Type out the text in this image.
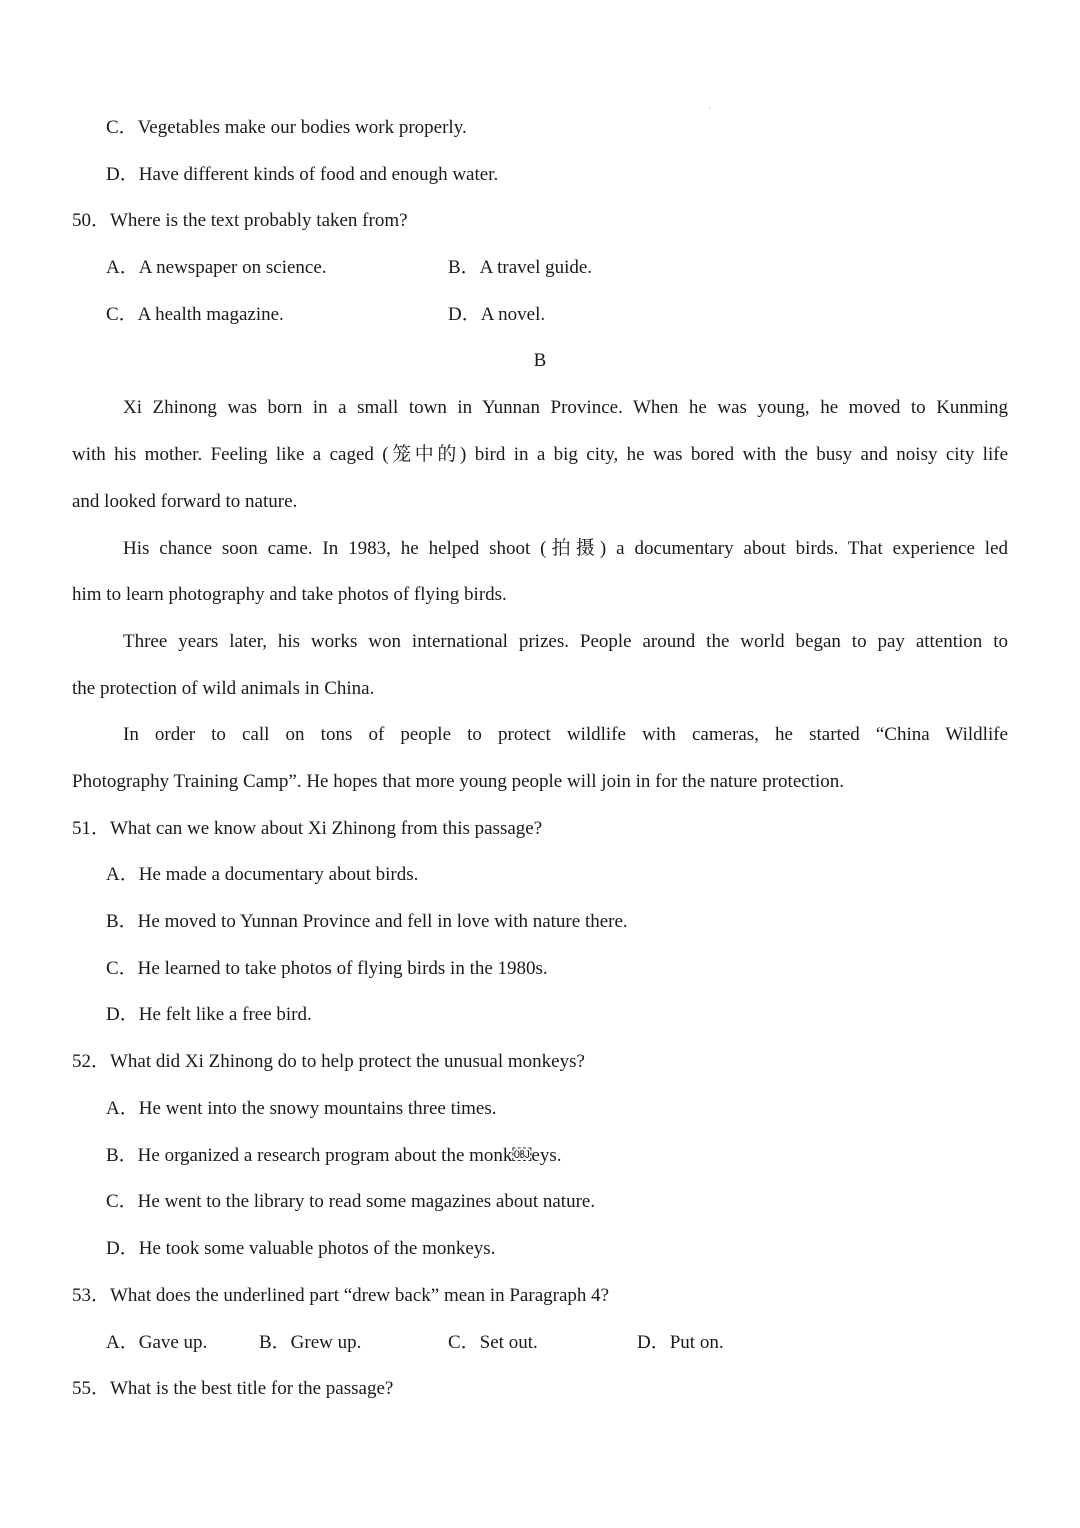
C．Vegetables make our bodies work properly.
D．Have different kinds of food and enough water.
50．Where is the text probably taken from?
A．A newspaper on science.	B．A travel guide.
C．A health magazine.	D．A novel.
B
Xi Zhinong was born in a small town in Yunnan Province. When he was young, he moved to Kunming
with his mother. Feeling like a caged (笼中的) bird in a big city, he was bored with the busy and noisy city life
and looked forward to nature.
His chance soon came. In 1983, he helped shoot (拍摄) a documentary about birds. That experience led
him to learn photography and take photos of flying birds.
Three years later, his works won international prizes. People around the world began to pay attention to
the protection of wild animals in China.
In order to call on tons of people to protect wildlife with cameras, he started “China Wildlife
Photography Training Camp”. He hopes that more young people will join in for the nature protection.
51．What can we know about Xi Zhinong from this passage?
A．He made a documentary about birds.
B．He moved to Yunnan Province and fell in love with nature there.
C．He learned to take photos of flying birds in the 1980s.
D．He felt like a free bird.
52．What did Xi Zhinong do to help protect the unusual monkeys?
A．He went into the snowy mountains three times.
B．He organized a research program about the monk￼eys.
C．He went to the library to read some magazines about nature.
D．He took some valuable photos of the monkeys.
53．What does the underlined part “drew back” mean in Paragraph 4?
A．Gave up.	B．Grew up.	C．Set out.	D．Put on.
55．What is the best title for the passage?
